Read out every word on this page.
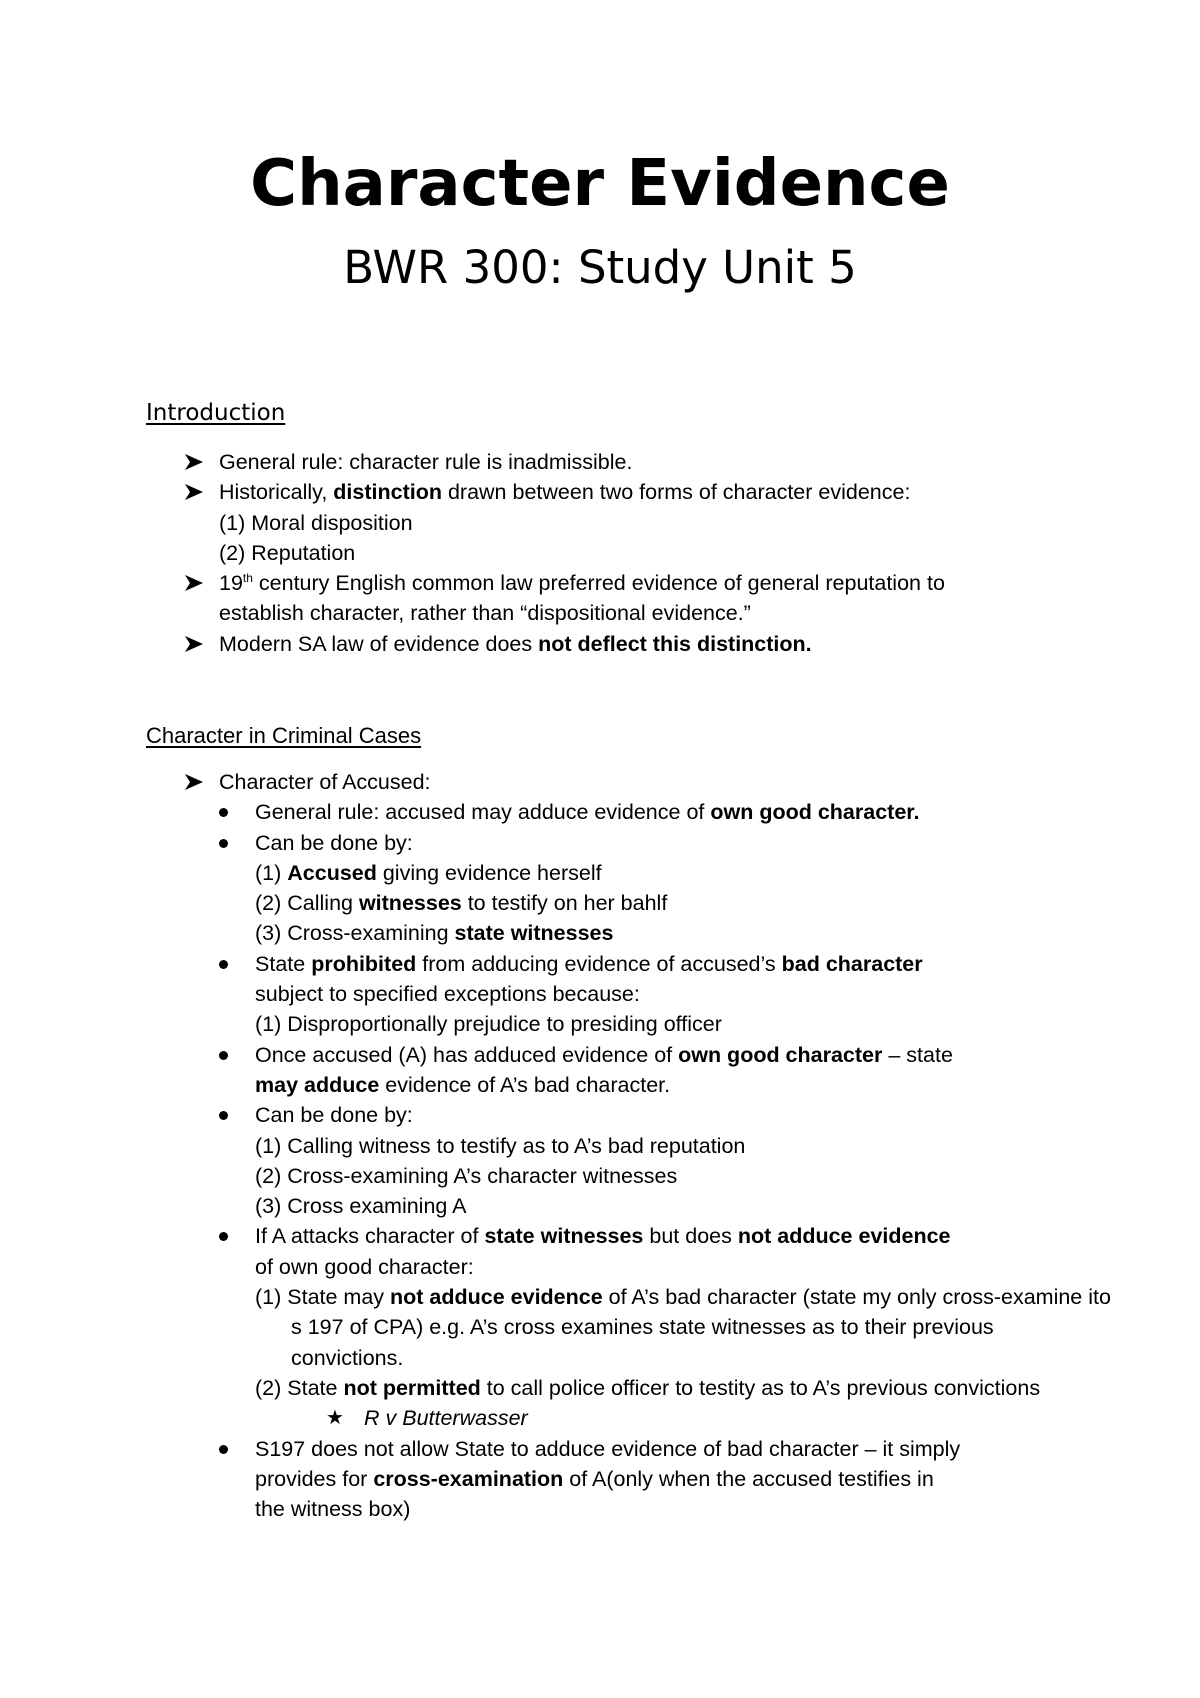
Character Evidence
BWR 300: Study Unit 5
Introduction
General rule: character rule is inadmissible.
Historically, distinction drawn between two forms of character evidence:
(1) Moral disposition
(2) Reputation
19th century English common law preferred evidence of general reputation to
establish character, rather than “dispositional evidence.”
Modern SA law of evidence does not deflect this distinction.
Character in Criminal Cases
Character of Accused:
General rule: accused may adduce evidence of own good character.
Can be done by:
(1) Accused giving evidence herself
(2) Calling witnesses to testify on her bahlf
(3) Cross-examining state witnesses
State prohibited from adducing evidence of accused’s bad character
subject to specified exceptions because:
(1) Disproportionally prejudice to presiding officer
Once accused (A) has adduced evidence of own good character – state
may adduce evidence of A’s bad character.
Can be done by:
(1) Calling witness to testify as to A’s bad reputation
(2) Cross-examining A’s character witnesses
(3) Cross examining A
If A attacks character of state witnesses but does not adduce evidence
of own good character:
(1) State may not adduce evidence of A’s bad character (state my only cross-examine ito s 197 of CPA) e.g. A’s cross examines state witnesses as to their previous convictions.
(2) State not permitted to call police officer to testity as to A’s previous convictions
★ R v Butterwasser
S197 does not allow State to adduce evidence of bad character – it simply
provides for cross-examination of A(only when the accused testifies in
the witness box)
